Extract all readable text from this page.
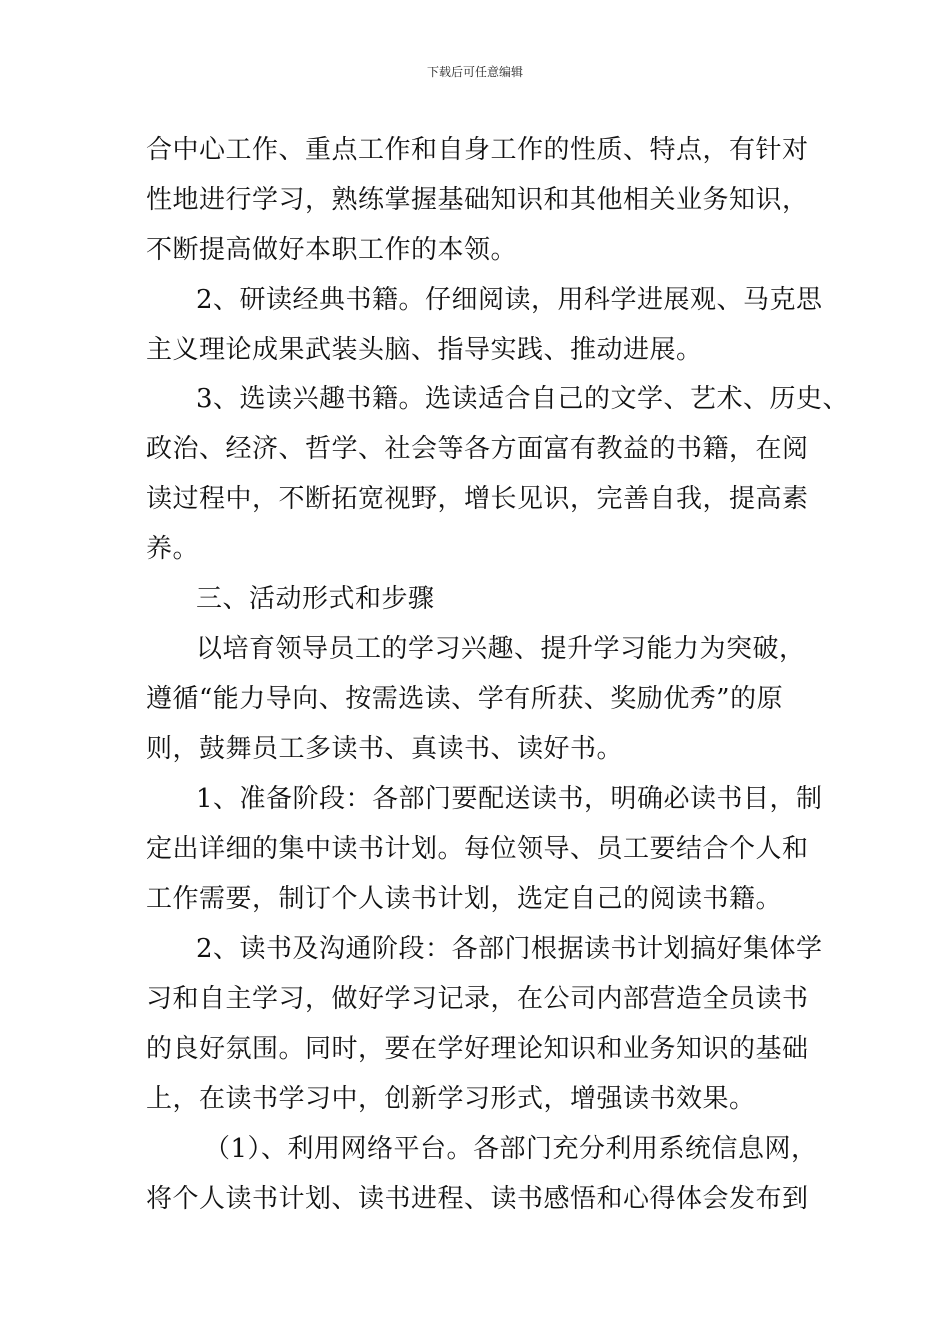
下载后可任意编辑
合中心工作、重点工作和自身工作的性质、特点，有针对
性地进行学习，熟练掌握基础知识和其他相关业务知识，
不断提高做好本职工作的本领。
2、研读经典书籍。仔细阅读，用科学进展观、马克思
主义理论成果武装头脑、指导实践、推动进展。
3、选读兴趣书籍。选读适合自己的文学、艺术、历史、
政治、经济、哲学、社会等各方面富有教益的书籍，在阅
读过程中，不断拓宽视野，增长见识，完善自我，提高素
养。
三、活动形式和步骤
以培育领导员工的学习兴趣、提升学习能力为突破，
遵循“能力导向、按需选读、学有所获、奖励优秀”的原
则，鼓舞员工多读书、真读书、读好书。
1、准备阶段：各部门要配送读书，明确必读书目，制
定出详细的集中读书计划。每位领导、员工要结合个人和
工作需要，制订个人读书计划，选定自己的阅读书籍。
2、读书及沟通阶段：各部门根据读书计划搞好集体学
习和自主学习，做好学习记录，在公司内部营造全员读书
的良好氛围。同时，要在学好理论知识和业务知识的基础
上，在读书学习中，创新学习形式，增强读书效果。
（1）、利用网络平台。各部门充分利用系统信息网，
将个人读书计划、读书进程、读书感悟和心得体会发布到
